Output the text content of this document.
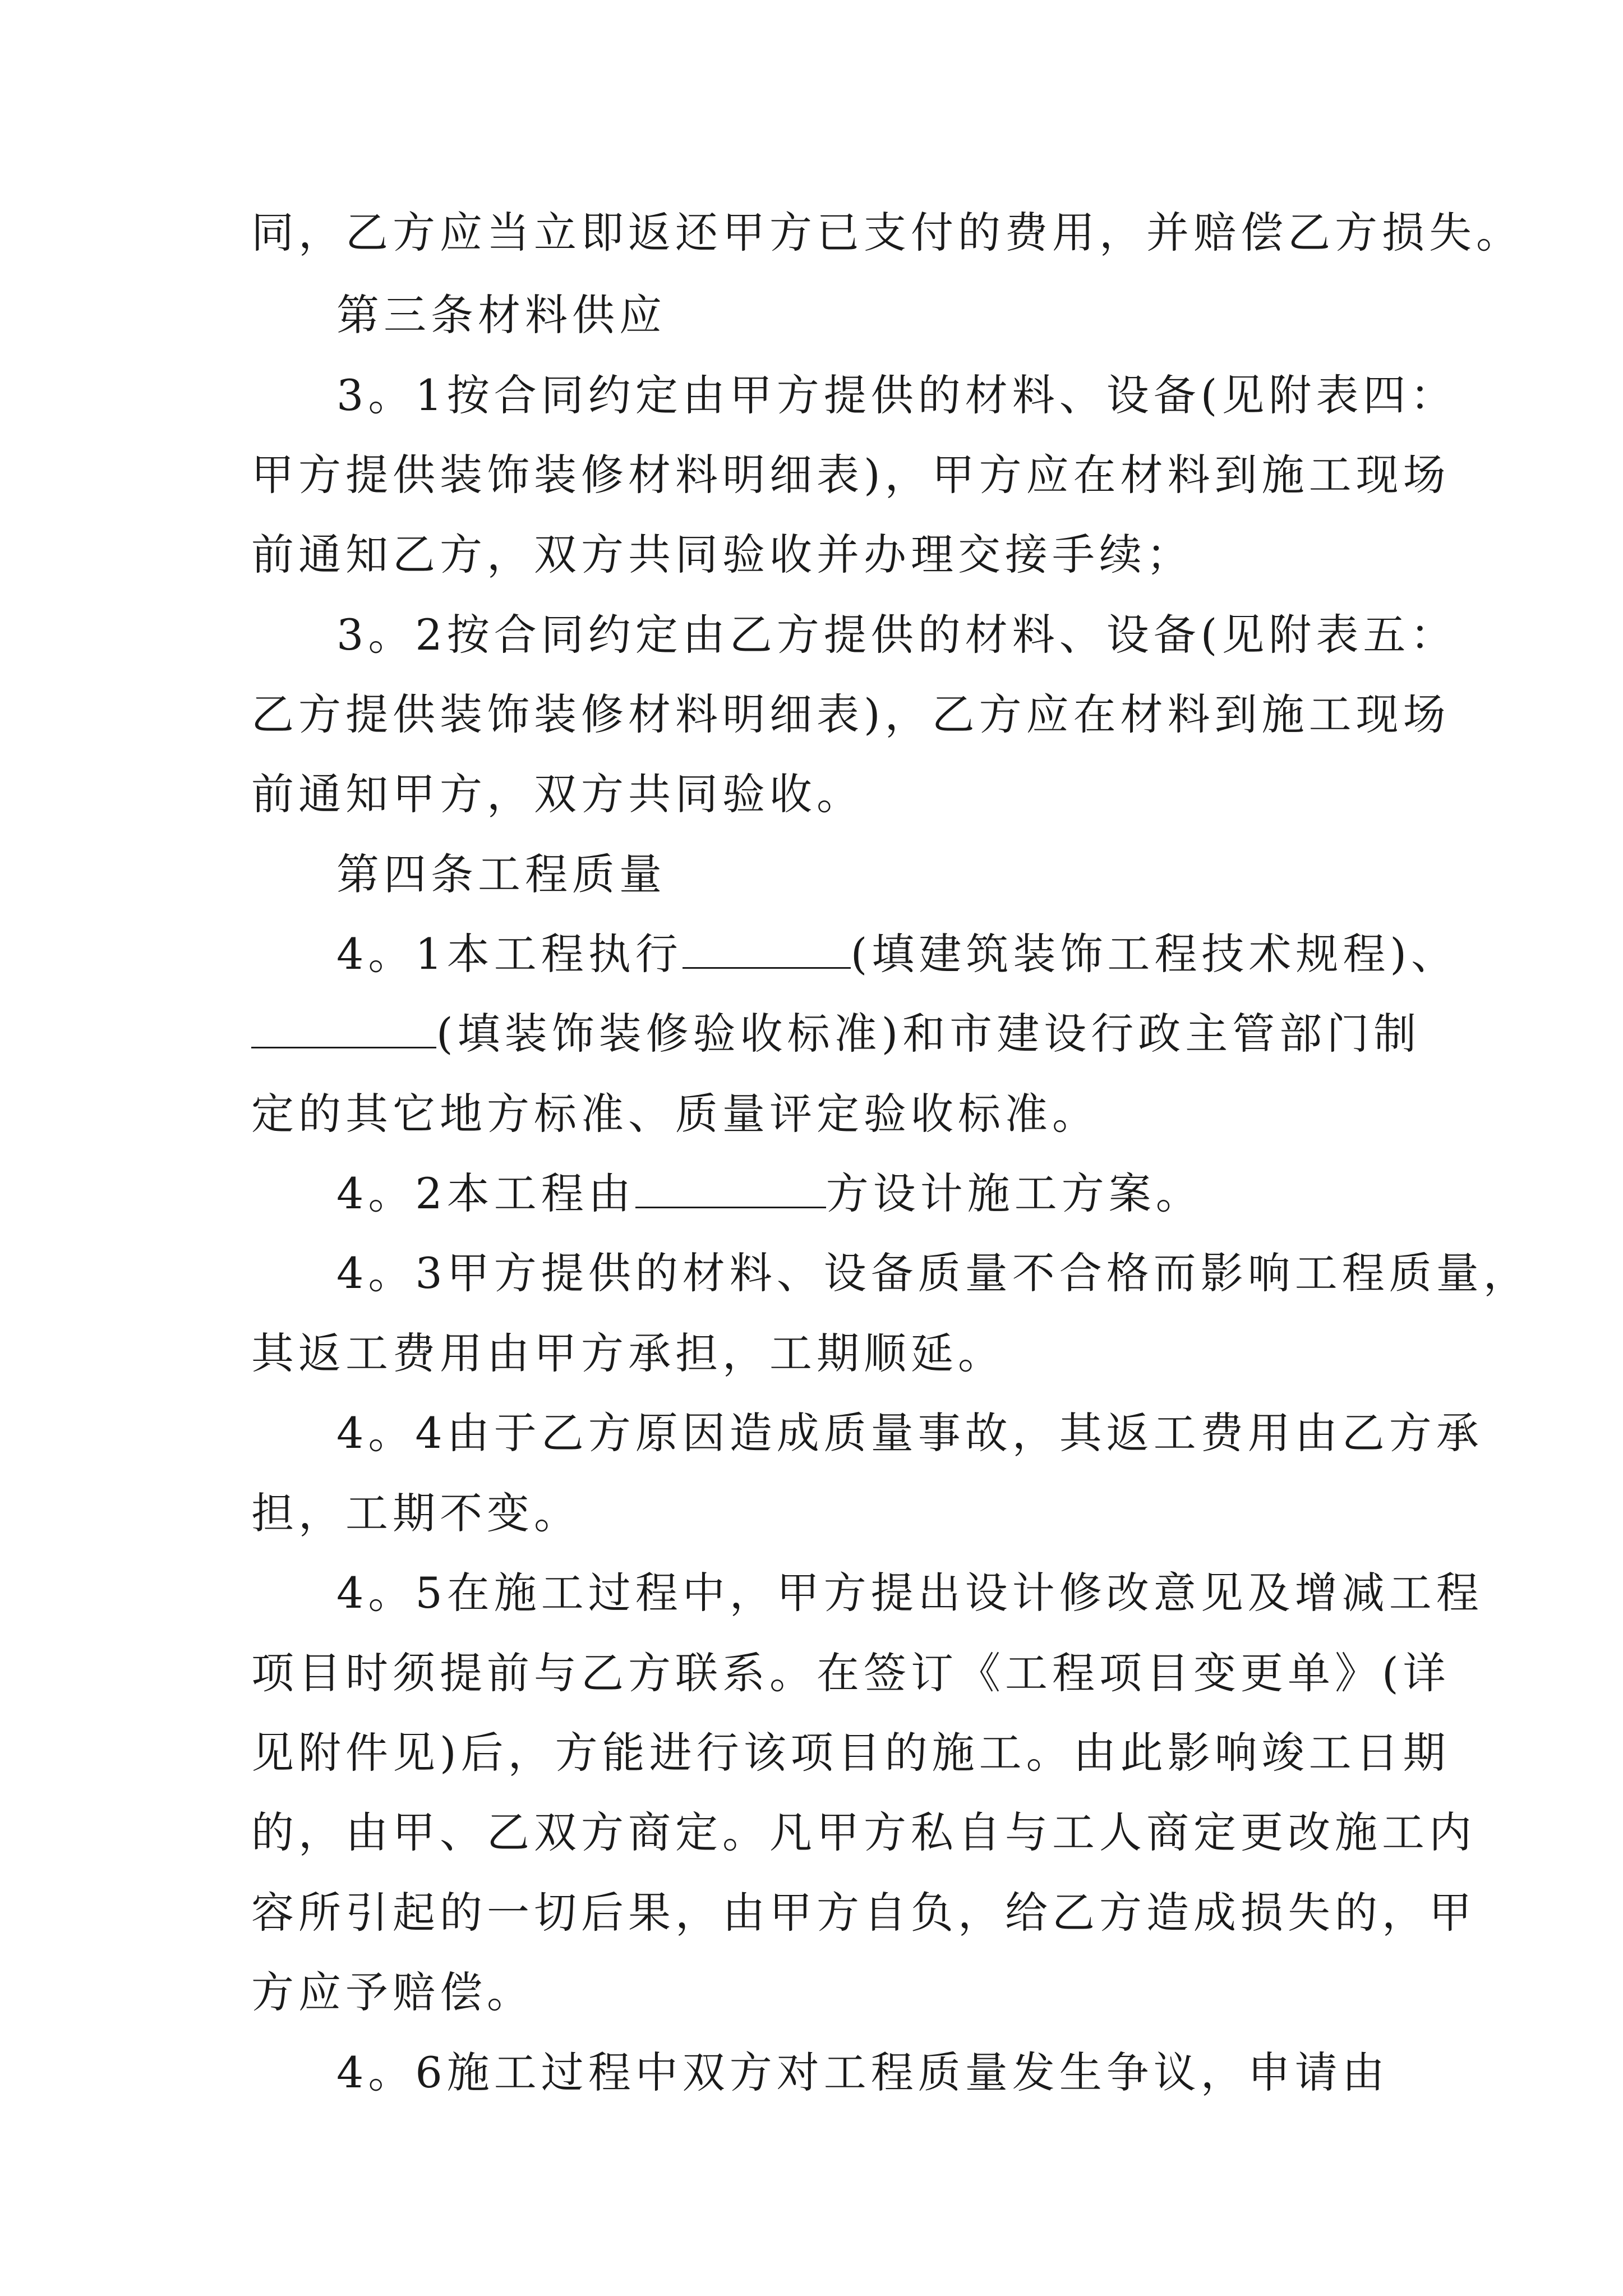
同，乙方应当立即返还甲方已支付的费用，并赔偿乙方损失。
第三条材料供应
3。1按合同约定由甲方提供的材料、设备(见附表四：
甲方提供装饰装修材料明细表)，甲方应在材料到施工现场
前通知乙方，双方共同验收并办理交接手续；
3。2按合同约定由乙方提供的材料、设备(见附表五：
乙方提供装饰装修材料明细表)，乙方应在材料到施工现场
前通知甲方，双方共同验收。
第四条工程质量
4。1本工程执行	(填建筑装饰工程技术规程)、
(填装饰装修验收标准)和市建设行政主管部门制
定的其它地方标准、质量评定验收标准。
4。2本工程由	方设计施工方案。
4。3甲方提供的材料、设备质量不合格而影响工程质量，
其返工费用由甲方承担，工期顺延。
4。4由于乙方原因造成质量事故，其返工费用由乙方承
担，工期不变。
4。5在施工过程中，甲方提出设计修改意见及增减工程
项目时须提前与乙方联系。在签订《工程项目变更单》(详
见附件见)后，方能进行该项目的施工。由此影响竣工日期
的，由甲、乙双方商定。凡甲方私自与工人商定更改施工内
容所引起的一切后果，由甲方自负，给乙方造成损失的，甲
方应予赔偿。
4。6施工过程中双方对工程质量发生争议，申请由
